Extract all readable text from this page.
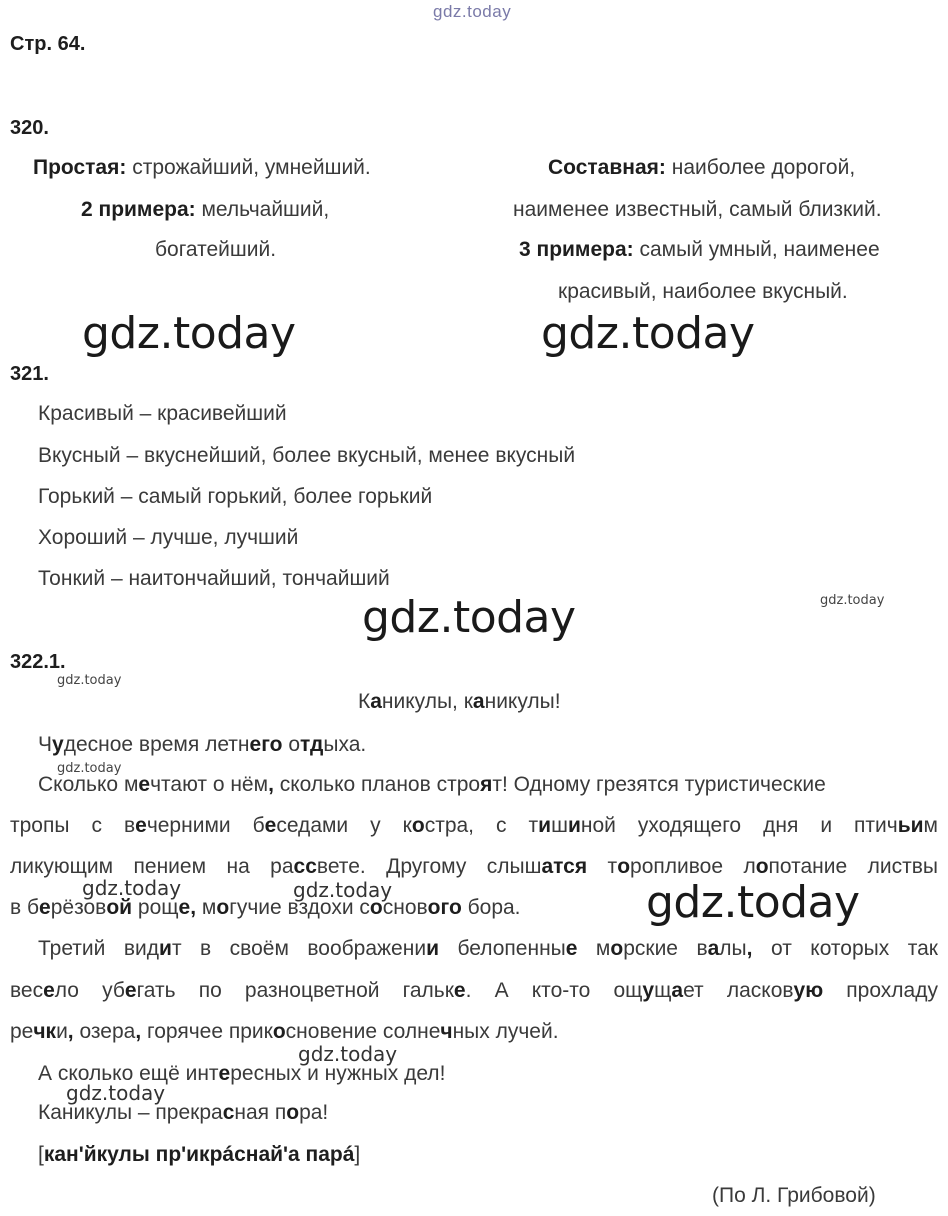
gdz.today
Стр. 64.
320.
Простая: строжайший, умнейший.
2 примера: мельчайший,
богатейший.
Составная: наиболее дорогой,
наименее известный, самый близкий.
3 примера: самый умный, наименее
красивый, наиболее вкусный.
gdz.today	gdz.today
321.
Красивый – красивейший
Вкусный – вкуснейший, более вкусный, менее вкусный
Горький – самый горький, более горький
Хороший – лучше, лучший
Тонкий – наитончайший, тончайший
gdz.today	gdz.today
322.1.
gdz.today
Каникулы, каникулы!
Чудесное время летнего отдыха.
gdz.today
Сколько мечтают о нём, сколько планов строят! Одному грезятся туристические
тропы с вечерними беседами у костра, с тишиной уходящего дня и птичьим
ликующим пением на рассвете. Другому слышатся торопливое лопотание листвы
gdz.today	gdz.today
в берёзовой роще, могучие вздохи соснового бора.	gdz.today
Третий видит в своём воображении белопенные морские валы, от которых так
весело убегать по разноцветной гальке. А кто-то ощущает ласковую прохладу
речки, озера, горячее прикосновение солнечных лучей.
gdz.today
А сколько ещё интересных и нужных дел!
gdz.today
Каникулы – прекрасная пора!
[кан'йкулы пр'икрáснай'а парá]
(По Л. Грибовой)
